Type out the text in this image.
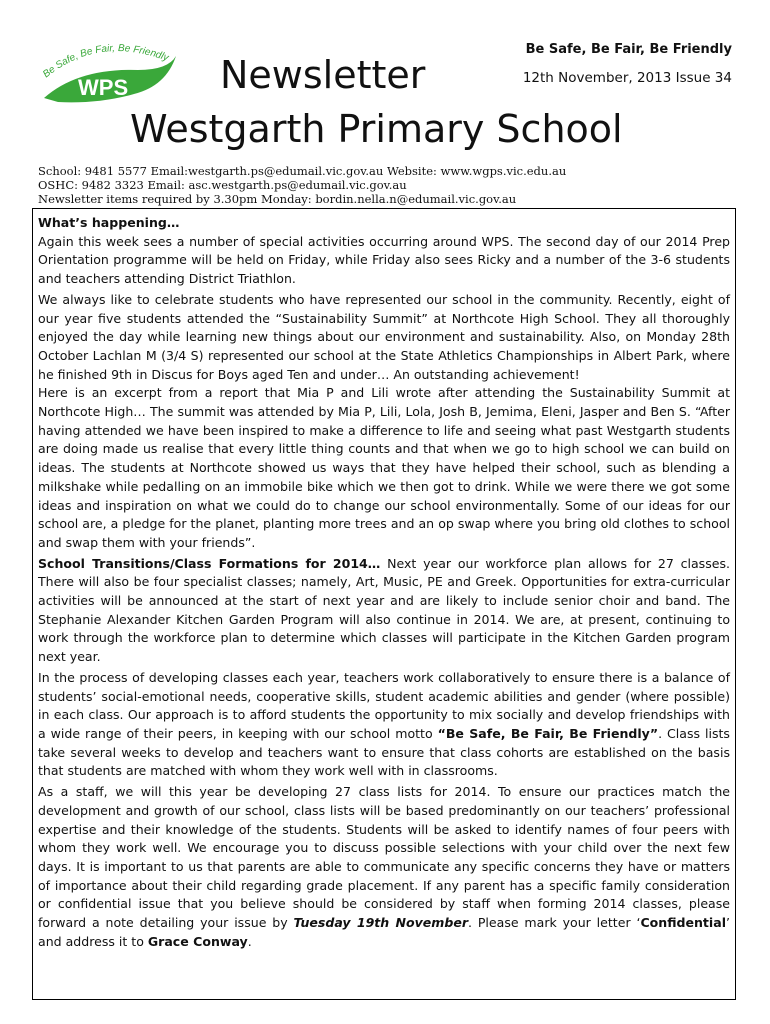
Be Safe, Be Fair, Be Friendly
WPS
Be Safe, Be Fair, Be Friendly
12th November, 2013 Issue 34
Newsletter
Westgarth Primary School
School: 9481 5577 Email:westgarth.ps@edumail.vic.gov.au Website: www.wgps.vic.edu.au
OSHC: 9482 3323 Email: asc.westgarth.ps@edumail.vic.gov.au
Newsletter items required by 3.30pm Monday: bordin.nella.n@edumail.vic.gov.au

What’s happening…

Again this week sees a number of special activities occurring around WPS. The second day of our 2014 Prep Orientation programme will be held on Friday, while Friday also sees Ricky and a number of the 3-6 students and teachers attending District Triathlon.

We always like to celebrate students who have represented our school in the community. Recently, eight of our year five students attended the “Sustainability Summit” at Northcote High School. They all thoroughly enjoyed the day while learning new things about our environment and sustainability. Also, on Monday 28th October Lachlan M (3/4 S) represented our school at the State Athletics Championships in Albert Park, where he finished 9th in Discus for Boys aged Ten and under… An outstanding achievement!

Here is an excerpt from a report that Mia P and Lili wrote after attending the Sustainability Summit at Northcote High… The summit was attended by Mia P, Lili, Lola, Josh B, Jemima, Eleni, Jasper and Ben S. “After having attended we have been inspired to make a difference to life and seeing what past Westgarth students are doing made us realise that every little thing counts and that when we go to high school we can build on ideas. The students at Northcote showed us ways that they have helped their school, such as blending a milkshake while pedalling on an immobile bike which we then got to drink. While we were there we got some ideas and inspiration on what we could do to change our school environmentally. Some of our ideas for our school are, a pledge for the planet, planting more trees and an op swap where you bring old clothes to school and swap them with your friends”.

School Transitions/Class Formations for 2014… Next year our workforce plan allows for 27 classes. There will also be four specialist classes; namely, Art, Music, PE and Greek. Opportunities for extra-curricular activities will be announced at the start of next year and are likely to include senior choir and band. The Stephanie Alexander Kitchen Garden Program will also continue in 2014. We are, at present, continuing to work through the workforce plan to determine which classes will participate in the Kitchen Garden program next year.

In the process of developing classes each year, teachers work collaboratively to ensure there is a balance of students’ social-emotional needs, cooperative skills, student academic abilities and gender (where possible) in each class. Our approach is to afford students the opportunity to mix socially and develop friendships with a wide range of their peers, in keeping with our school motto “Be Safe, Be Fair, Be Friendly”. Class lists take several weeks to develop and teachers want to ensure that class cohorts are established on the basis that students are matched with whom they work well with in classrooms.

As a staff, we will this year be developing 27 class lists for 2014. To ensure our practices match the development and growth of our school, class lists will be based predominantly on our teachers’ professional expertise and their knowledge of the students. Students will be asked to identify names of four peers with whom they work well. We encourage you to discuss possible selections with your child over the next few days. It is important to us that parents are able to communicate any specific concerns they have or matters of importance about their child regarding grade placement. If any parent has a specific family consideration or confidential issue that you believe should be considered by staff when forming 2014 classes, please forward a note detailing your issue by Tuesday 19th November. Please mark your letter ‘Confidential’ and address it to Grace Conway.
